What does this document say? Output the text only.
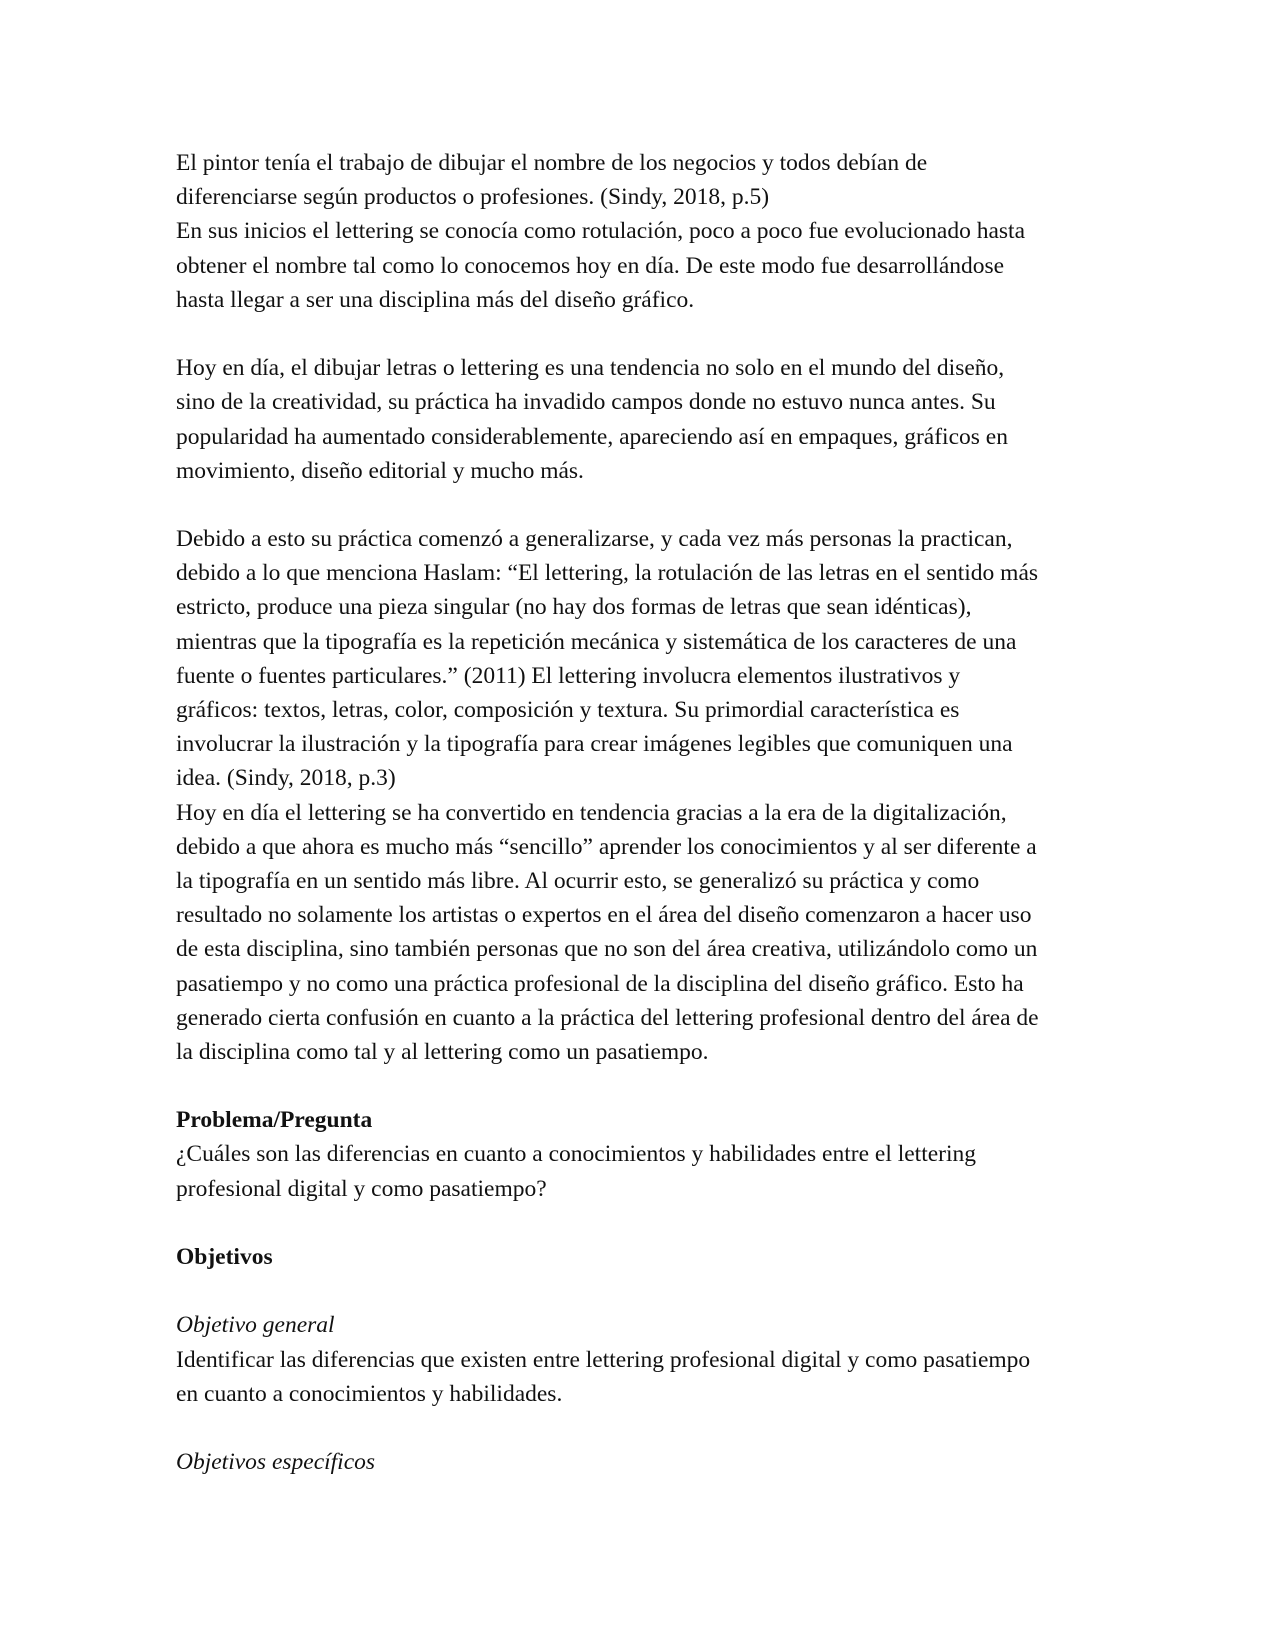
El pintor tenía el trabajo de dibujar el nombre de los negocios y todos debían de
diferenciarse según productos o profesiones. (Sindy, 2018, p.5)
En sus inicios el lettering se conocía como rotulación, poco a poco fue evolucionado hasta
obtener el nombre tal como lo conocemos hoy en día. De este modo fue desarrollándose
hasta llegar a ser una disciplina más del diseño gráfico.
Hoy en día, el dibujar letras o lettering es una tendencia no solo en el mundo del diseño,
sino de la creatividad, su práctica ha invadido campos donde no estuvo nunca antes. Su
popularidad ha aumentado considerablemente, apareciendo así en empaques, gráficos en
movimiento, diseño editorial y mucho más.
Debido a esto su práctica comenzó a generalizarse, y cada vez más personas la practican,
debido a lo que menciona Haslam: “El lettering, la rotulación de las letras en el sentido más
estricto, produce una pieza singular (no hay dos formas de letras que sean idénticas),
mientras que la tipografía es la repetición mecánica y sistemática de los caracteres de una
fuente o fuentes particulares.” (2011) El lettering involucra elementos ilustrativos y
gráficos: textos, letras, color, composición y textura. Su primordial característica es
involucrar la ilustración y la tipografía para crear imágenes legibles que comuniquen una
idea. (Sindy, 2018, p.3)
Hoy en día el lettering se ha convertido en tendencia gracias a la era de la digitalización,
debido a que ahora es mucho más “sencillo” aprender los conocimientos y al ser diferente a
la tipografía en un sentido más libre. Al ocurrir esto, se generalizó su práctica y como
resultado no solamente los artistas o expertos en el área del diseño comenzaron a hacer uso
de esta disciplina, sino también personas que no son del área creativa, utilizándolo como un
pasatiempo y no como una práctica profesional de la disciplina del diseño gráfico. Esto ha
generado cierta confusión en cuanto a la práctica del lettering profesional dentro del área de
la disciplina como tal y al lettering como un pasatiempo.
Problema/Pregunta
¿Cuáles son las diferencias en cuanto a conocimientos y habilidades entre el lettering
profesional digital y como pasatiempo?
Objetivos
Objetivo general
Identificar las diferencias que existen entre lettering profesional digital y como pasatiempo
en cuanto a conocimientos y habilidades.
Objetivos específicos
